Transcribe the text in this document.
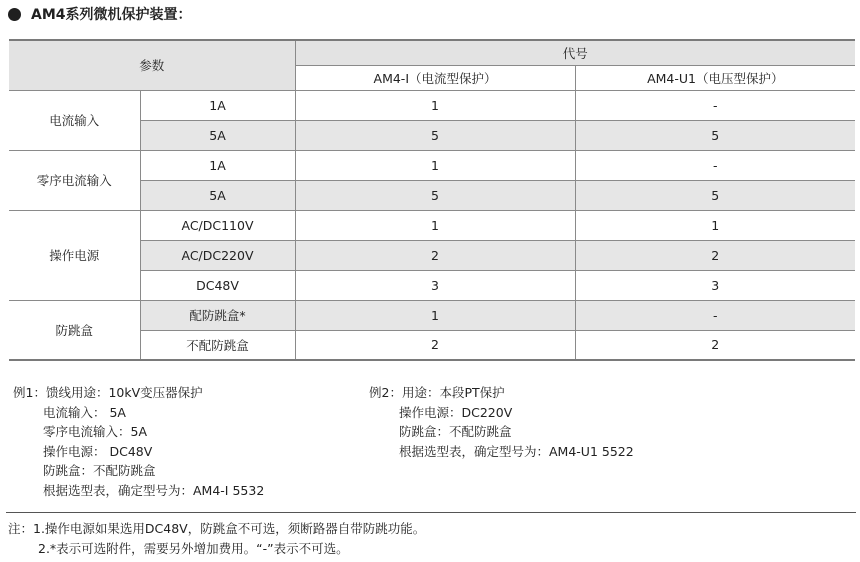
AM4系列微机保护装置：
参数		代号	
		AM4-I（电流型保护）	AM4-U1（电压型保护）
电流输入	1A	1	-
	5A	5	5
零序电流输入	1A	1	-
	5A	5	5
操作电源	AC/DC110V	1	1
	AC/DC220V	2	2
	DC48V	3	3
防跳盒	配防跳盒*	1	-
	不配防跳盒	2	2
例1：馈线用途：10kV变压器保护
电流输入： 5A
零序电流输入：5A
操作电源： DC48V
防跳盒：不配防跳盒
根据选型表，确定型号为：AM4-I 5532
例2：用途：本段PT保护
操作电源：DC220V
防跳盒：不配防跳盒
根据选型表，确定型号为：AM4-U1 5522
注：1.操作电源如果选用DC48V，防跳盒不可选，须断路器自带防跳功能。
2.*表示可选附件，需要另外增加费用。“-”表示不可选。
